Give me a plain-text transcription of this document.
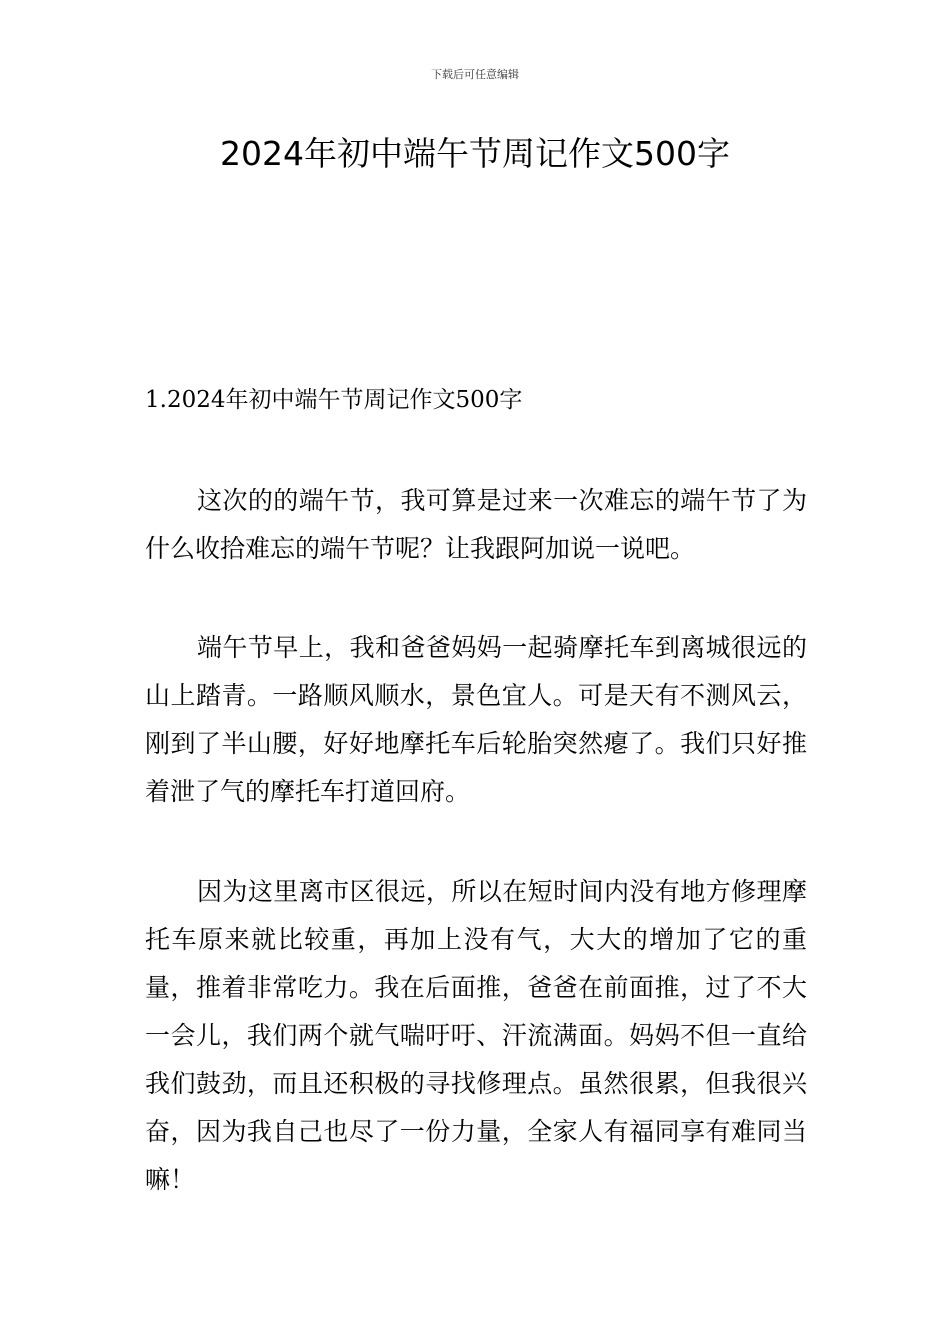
下载后可任意编辑
2024年初中端午节周记作文500字
1.2024年初中端午节周记作文500字

这次的的端午节，我可算是过来一次难忘的端午节了为什么收拾难忘的端午节呢？让我跟阿加说一说吧。

端午节早上，我和爸爸妈妈一起骑摩托车到离城很远的山上踏青。一路顺风顺水，景色宜人。可是天有不测风云，刚到了半山腰，好好地摩托车后轮胎突然瘪了。我们只好推着泄了气的摩托车打道回府。

因为这里离市区很远，所以在短时间内没有地方修理摩托车原来就比较重，再加上没有气，大大的增加了它的重量，推着非常吃力。我在后面推，爸爸在前面推，过了不大一会儿，我们两个就气喘吁吁、汗流满面。妈妈不但一直给我们鼓劲，而且还积极的寻找修理点。虽然很累，但我很兴奋，因为我自己也尽了一份力量，全家人有福同享有难同当嘛！
